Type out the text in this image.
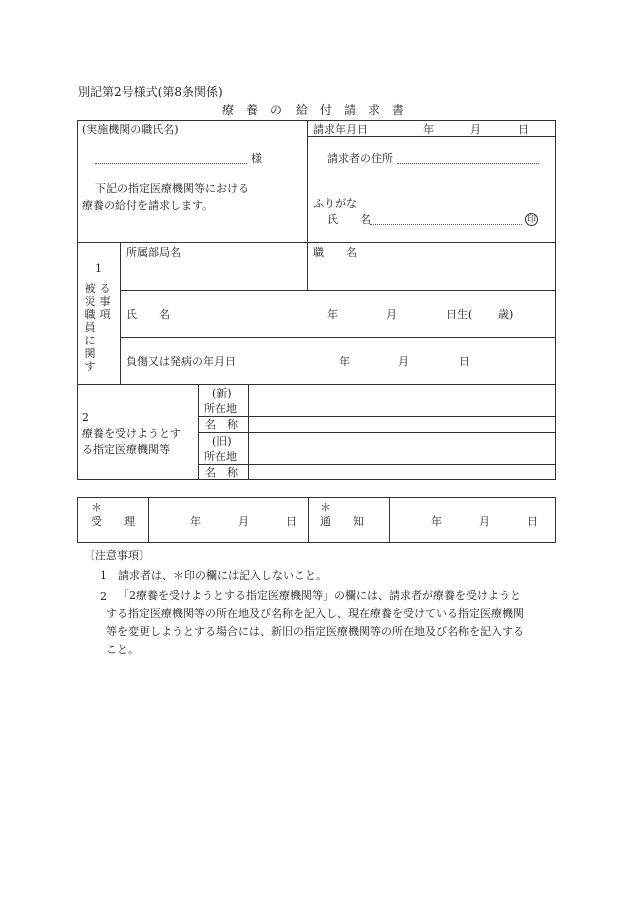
別記第2号様式(第8条関係)
療 養 の 給 付 請 求 書
(実施機関の職氏名)
様
下記の指定医療機関等における
療養の給付を請求します。
請求年月日	年	月	日
請求者の住所
ふりがな
氏　　名	印
1
被災職員に関す
る事項
所属部局名	職　　名
氏　　名	年	月	日生( 歳)
負傷又は発病の年月日	年	月	日
2
療養を受けようとす
る指定医療機関等
(新)
所在地
名　称
(旧)
所在地
名　称
＊
受　　理	年	月	日
＊
通　　知	年	月	日
〔注意事項〕
1 請求者は、＊印の欄には記入しないこと。
2 「2療養を受けようとする指定医療機関等」の欄には、請求者が療養を受けようと
する指定医療機関等の所在地及び名称を記入し、現在療養を受けている指定医療機関
等を変更しようとする場合には、新旧の指定医療機関等の所在地及び名称を記入する
こと。
